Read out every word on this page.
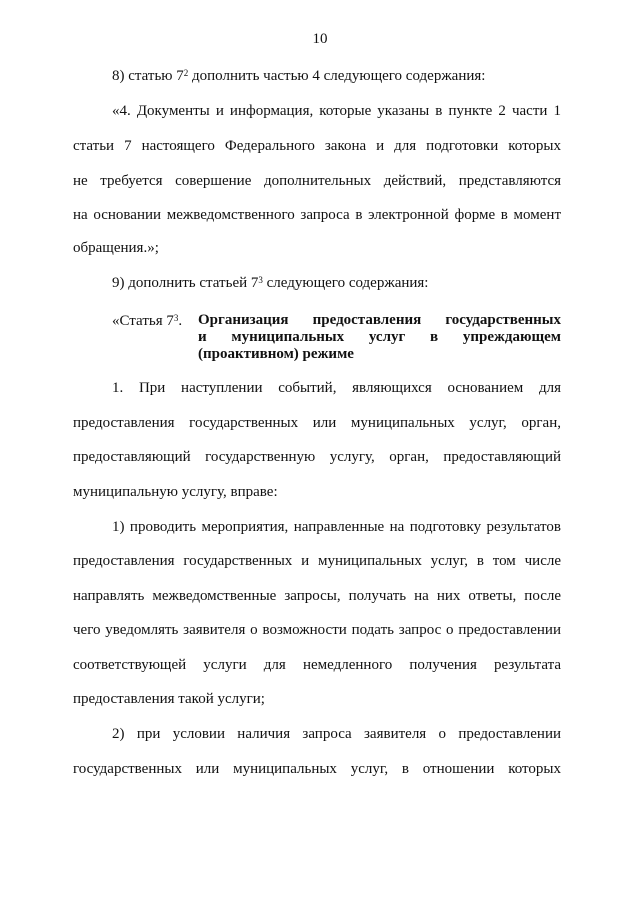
10
8) статью $7^2$ дополнить частью 4 следующего содержания:
«4. Документы и информация, которые указаны в пункте 2 части 1
статьи 7 настоящего Федерального закона и для подготовки которых
не требуется совершение дополнительных действий, представляются
на основании межведомственного запроса в электронной форме в момент
обращения.»;
9) дополнить статьей $7^3$ следующего содержания:
«Статья $7^3$. Организация предоставления государственных
и муниципальных услуг в упреждающем
(проактивном) режиме
1. При наступлении событий, являющихся основанием для
предоставления государственных или муниципальных услуг, орган,
предоставляющий государственную услугу, орган, предоставляющий
муниципальную услугу, вправе:
1) проводить мероприятия, направленные на подготовку результатов
предоставления государственных и муниципальных услуг, в том числе
направлять межведомственные запросы, получать на них ответы, после
чего уведомлять заявителя о возможности подать запрос о предоставлении
соответствующей услуги для немедленного получения результата
предоставления такой услуги;
2) при условии наличия запроса заявителя о предоставлении
государственных или муниципальных услуг, в отношении которых
